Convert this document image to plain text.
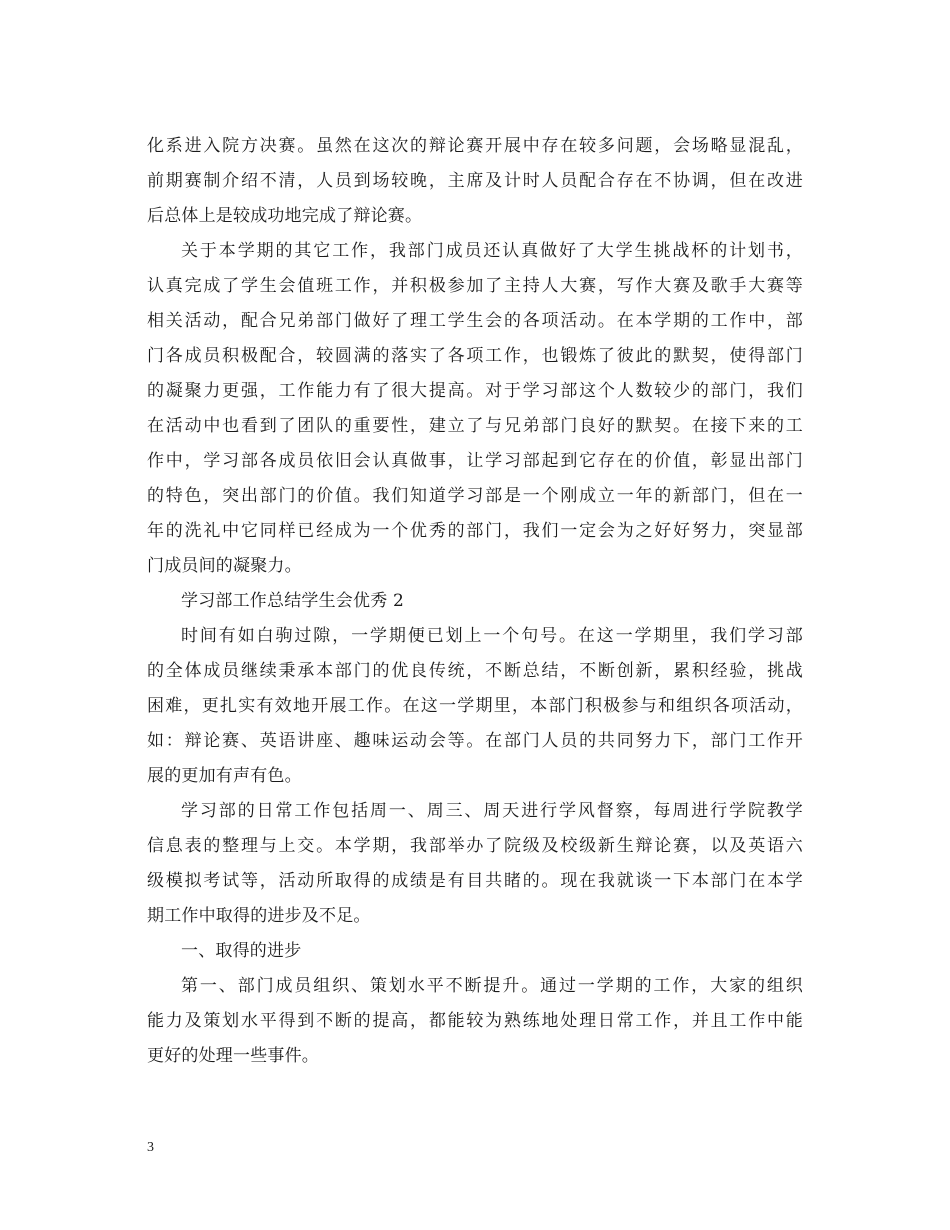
化系进入院方决赛。虽然在这次的辩论赛开展中存在较多问题，会场略显混乱，
前期赛制介绍不清，人员到场较晚，主席及计时人员配合存在不协调，但在改进
后总体上是较成功地完成了辩论赛。
关于本学期的其它工作，我部门成员还认真做好了大学生挑战杯的计划书，
认真完成了学生会值班工作，并积极参加了主持人大赛，写作大赛及歌手大赛等
相关活动，配合兄弟部门做好了理工学生会的各项活动。在本学期的工作中，部
门各成员积极配合，较圆满的落实了各项工作，也锻炼了彼此的默契，使得部门
的凝聚力更强，工作能力有了很大提高。对于学习部这个人数较少的部门，我们
在活动中也看到了团队的重要性，建立了与兄弟部门良好的默契。在接下来的工
作中，学习部各成员依旧会认真做事，让学习部起到它存在的价值，彰显出部门
的特色，突出部门的价值。我们知道学习部是一个刚成立一年的新部门，但在一
年的洗礼中它同样已经成为一个优秀的部门，我们一定会为之好好努力，突显部
门成员间的凝聚力。
学习部工作总结学生会优秀 2
时间有如白驹过隙，一学期便已划上一个句号。在这一学期里，我们学习部
的全体成员继续秉承本部门的优良传统，不断总结，不断创新，累积经验，挑战
困难，更扎实有效地开展工作。在这一学期里，本部门积极参与和组织各项活动，
如：辩论赛、英语讲座、趣味运动会等。在部门人员的共同努力下，部门工作开
展的更加有声有色。
学习部的日常工作包括周一、周三、周天进行学风督察，每周进行学院教学
信息表的整理与上交。本学期，我部举办了院级及校级新生辩论赛，以及英语六
级模拟考试等，活动所取得的成绩是有目共睹的。现在我就谈一下本部门在本学
期工作中取得的进步及不足。
一、取得的进步
第一、部门成员组织、策划水平不断提升。通过一学期的工作，大家的组织
能力及策划水平得到不断的提高，都能较为熟练地处理日常工作，并且工作中能
更好的处理一些事件。
3
